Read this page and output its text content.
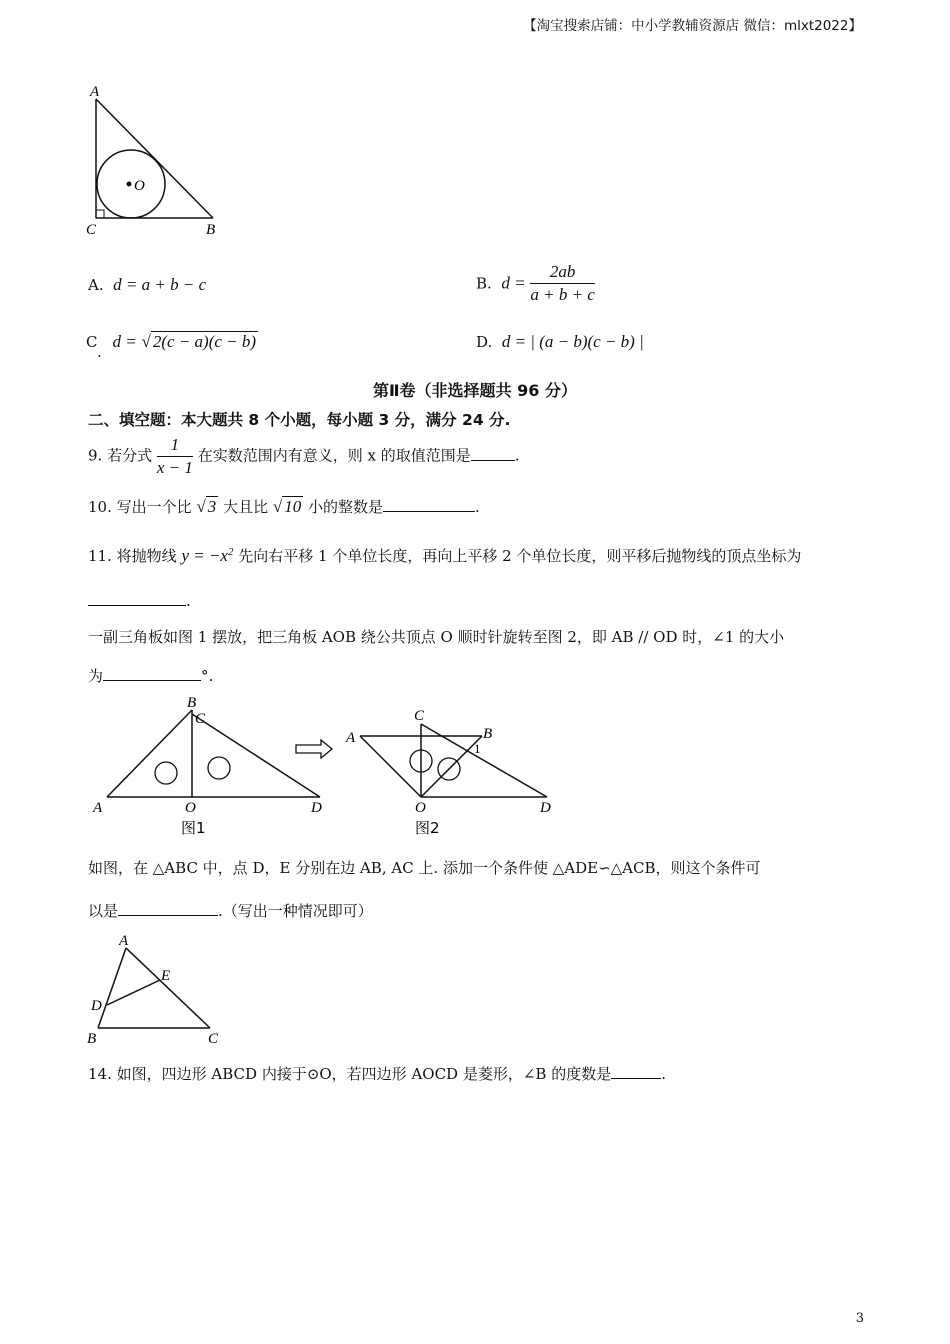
【淘宝搜索店铺：中小学教辅资源店 微信：mlxt2022】
O
A
C	B
A. d = a + b − c	B. $d = \frac{2ab}{a + b + c}$
C. d = √ 2(c − a)(c − b)	D. d = | (a − b)(c − b) |
第Ⅱ卷（非选择题共 96 分）
二、填空题：本大题共 8 个小题，每小题 3 分，满分 24 分.
9. 若分式 $\frac{1}{x - 1}$ 在实数范围内有意义，则 x 的取值范围是	.
10. 写出一个比 √ 3 大且比 √ 10 小的整数是	.
11. 将抛物线 $y = -x^2$ 先向右平移 1 个单位长度，再向上平移 2 个单位长度，则平移后抛物线的顶点坐标为
.
一副三角板如图 1 摆放，把三角板 AOB 绕公共顶点 O 顺时针旋转至图 2，即 AB // OD 时，∠1 的大小
为	°.
B
C
A	O	D
图1
C
A	B
1
O	D
图2
如图，在 △ABC 中，点 D，E 分别在边 AB, AC 上. 添加一个条件使 △ADE∽△ACB，则这个条件可
以是	.（写出一种情况即可）
A
E
D
B	C
14. 如图，四边形 ABCD 内接于⊙O，若四边形 AOCD 是菱形，∠B 的度数是	.
3
